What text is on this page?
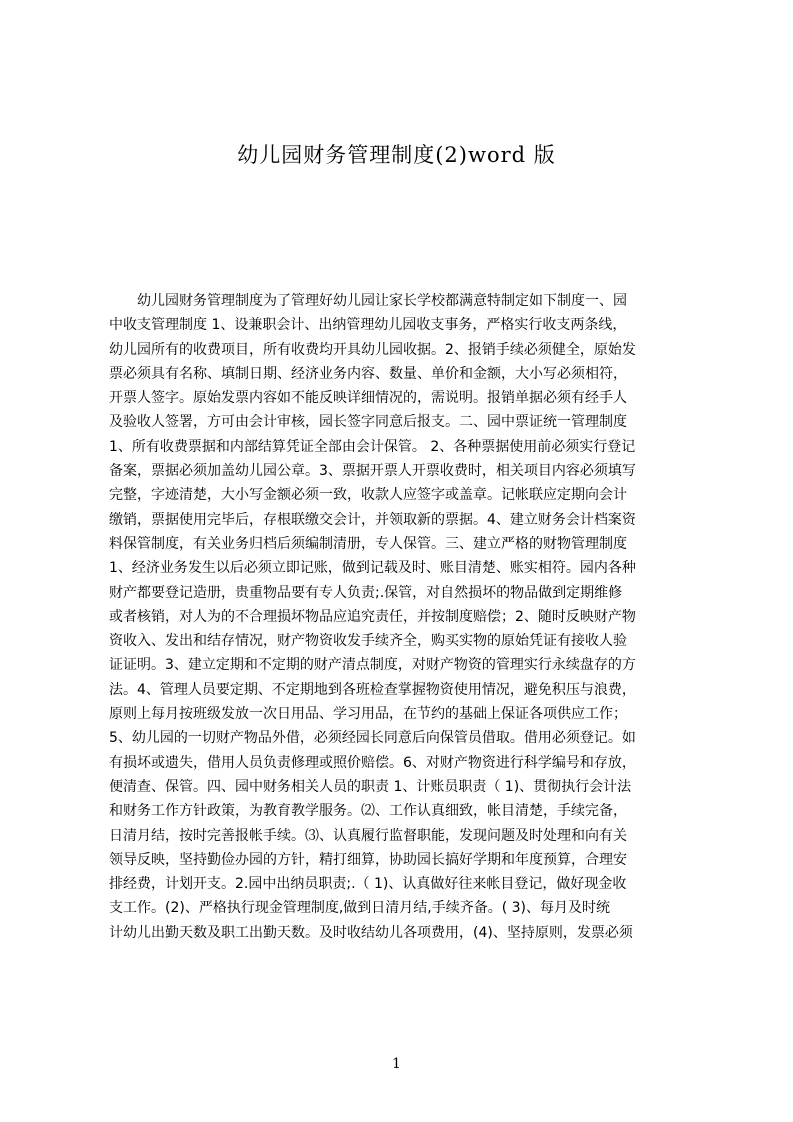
幼儿园财务管理制度(2)word 版
幼儿园财务管理制度为了管理好幼儿园让家长学校都满意特制定如下制度一、园
中收支管理制度 1、设兼职会计、出纳管理幼儿园收支事务，严格实行收支两条线，
幼儿园所有的收费项目，所有收费均开具幼儿园收据。2、报销手续必须健全，原始发
票必须具有名称、填制日期、经济业务内容、数量、单价和金额，大小写必须相符，
开票人签字。原始发票内容如不能反映详细情况的，需说明。报销单据必须有经手人
及验收人签署，方可由会计审核，园长签字同意后报支。二、园中票证统一管理制度
1、所有收费票据和内部结算凭证全部由会计保管。 2、各种票据使用前必须实行登记
备案，票据必须加盖幼儿园公章。3、票据开票人开票收费时，相关项目内容必须填写
完整，字迹清楚，大小写金额必须一致，收款人应签字或盖章。记帐联应定期向会计
缴销，票据使用完毕后，存根联缴交会计，并领取新的票据。4、建立财务会计档案资
料保管制度，有关业务归档后须编制清册，专人保管。三、建立严格的财物管理制度
1、经济业务发生以后必须立即记账，做到记载及时、账目清楚、账实相符。园内各种
财产都要登记造册，贵重物品要有专人负责;.保管，对自然损坏的物品做到定期维修
或者核销，对人为的不合理损坏物品应追究责任，并按制度赔偿；2、随时反映财产物
资收入、发出和结存情况，财产物资收发手续齐全，购买实物的原始凭证有接收人验
证证明。3、建立定期和不定期的财产清点制度，对财产物资的管理实行永续盘存的方
法。4、管理人员要定期、不定期地到各班检查掌握物资使用情况，避免积压与浪费，
原则上每月按班级发放一次日用品、学习用品，在节约的基础上保证各项供应工作；
5、幼儿园的一切财产物品外借，必须经园长同意后向保管员借取。借用必须登记。如
有损坏或遗失，借用人员负责修理或照价赔偿。6、对财产物资进行科学编号和存放，
便清查、保管。四、园中财务相关人员的职责 1、计账员职责（ 1)、贯彻执行会计法
和财务工作方针政策，为教育教学服务。⑵、工作认真细致，帐目清楚，手续完备，
日清月结，按时完善报帐手续。⑶、认真履行监督职能，发现问题及时处理和向有关
领导反映，坚持勤俭办园的方针，精打细算，协助园长搞好学期和年度预算，合理安
排经费，计划开支。2.园中出纳员职责;.（ 1)、认真做好往来帐目登记，做好现金收
支工作。(2)、严格执行现金管理制度,做到日清月结,手续齐备。( 3)、每月及时统
计幼儿出勤天数及职工出勤天数。及时收结幼儿各项费用，(4)、坚持原则，发票必须
1
